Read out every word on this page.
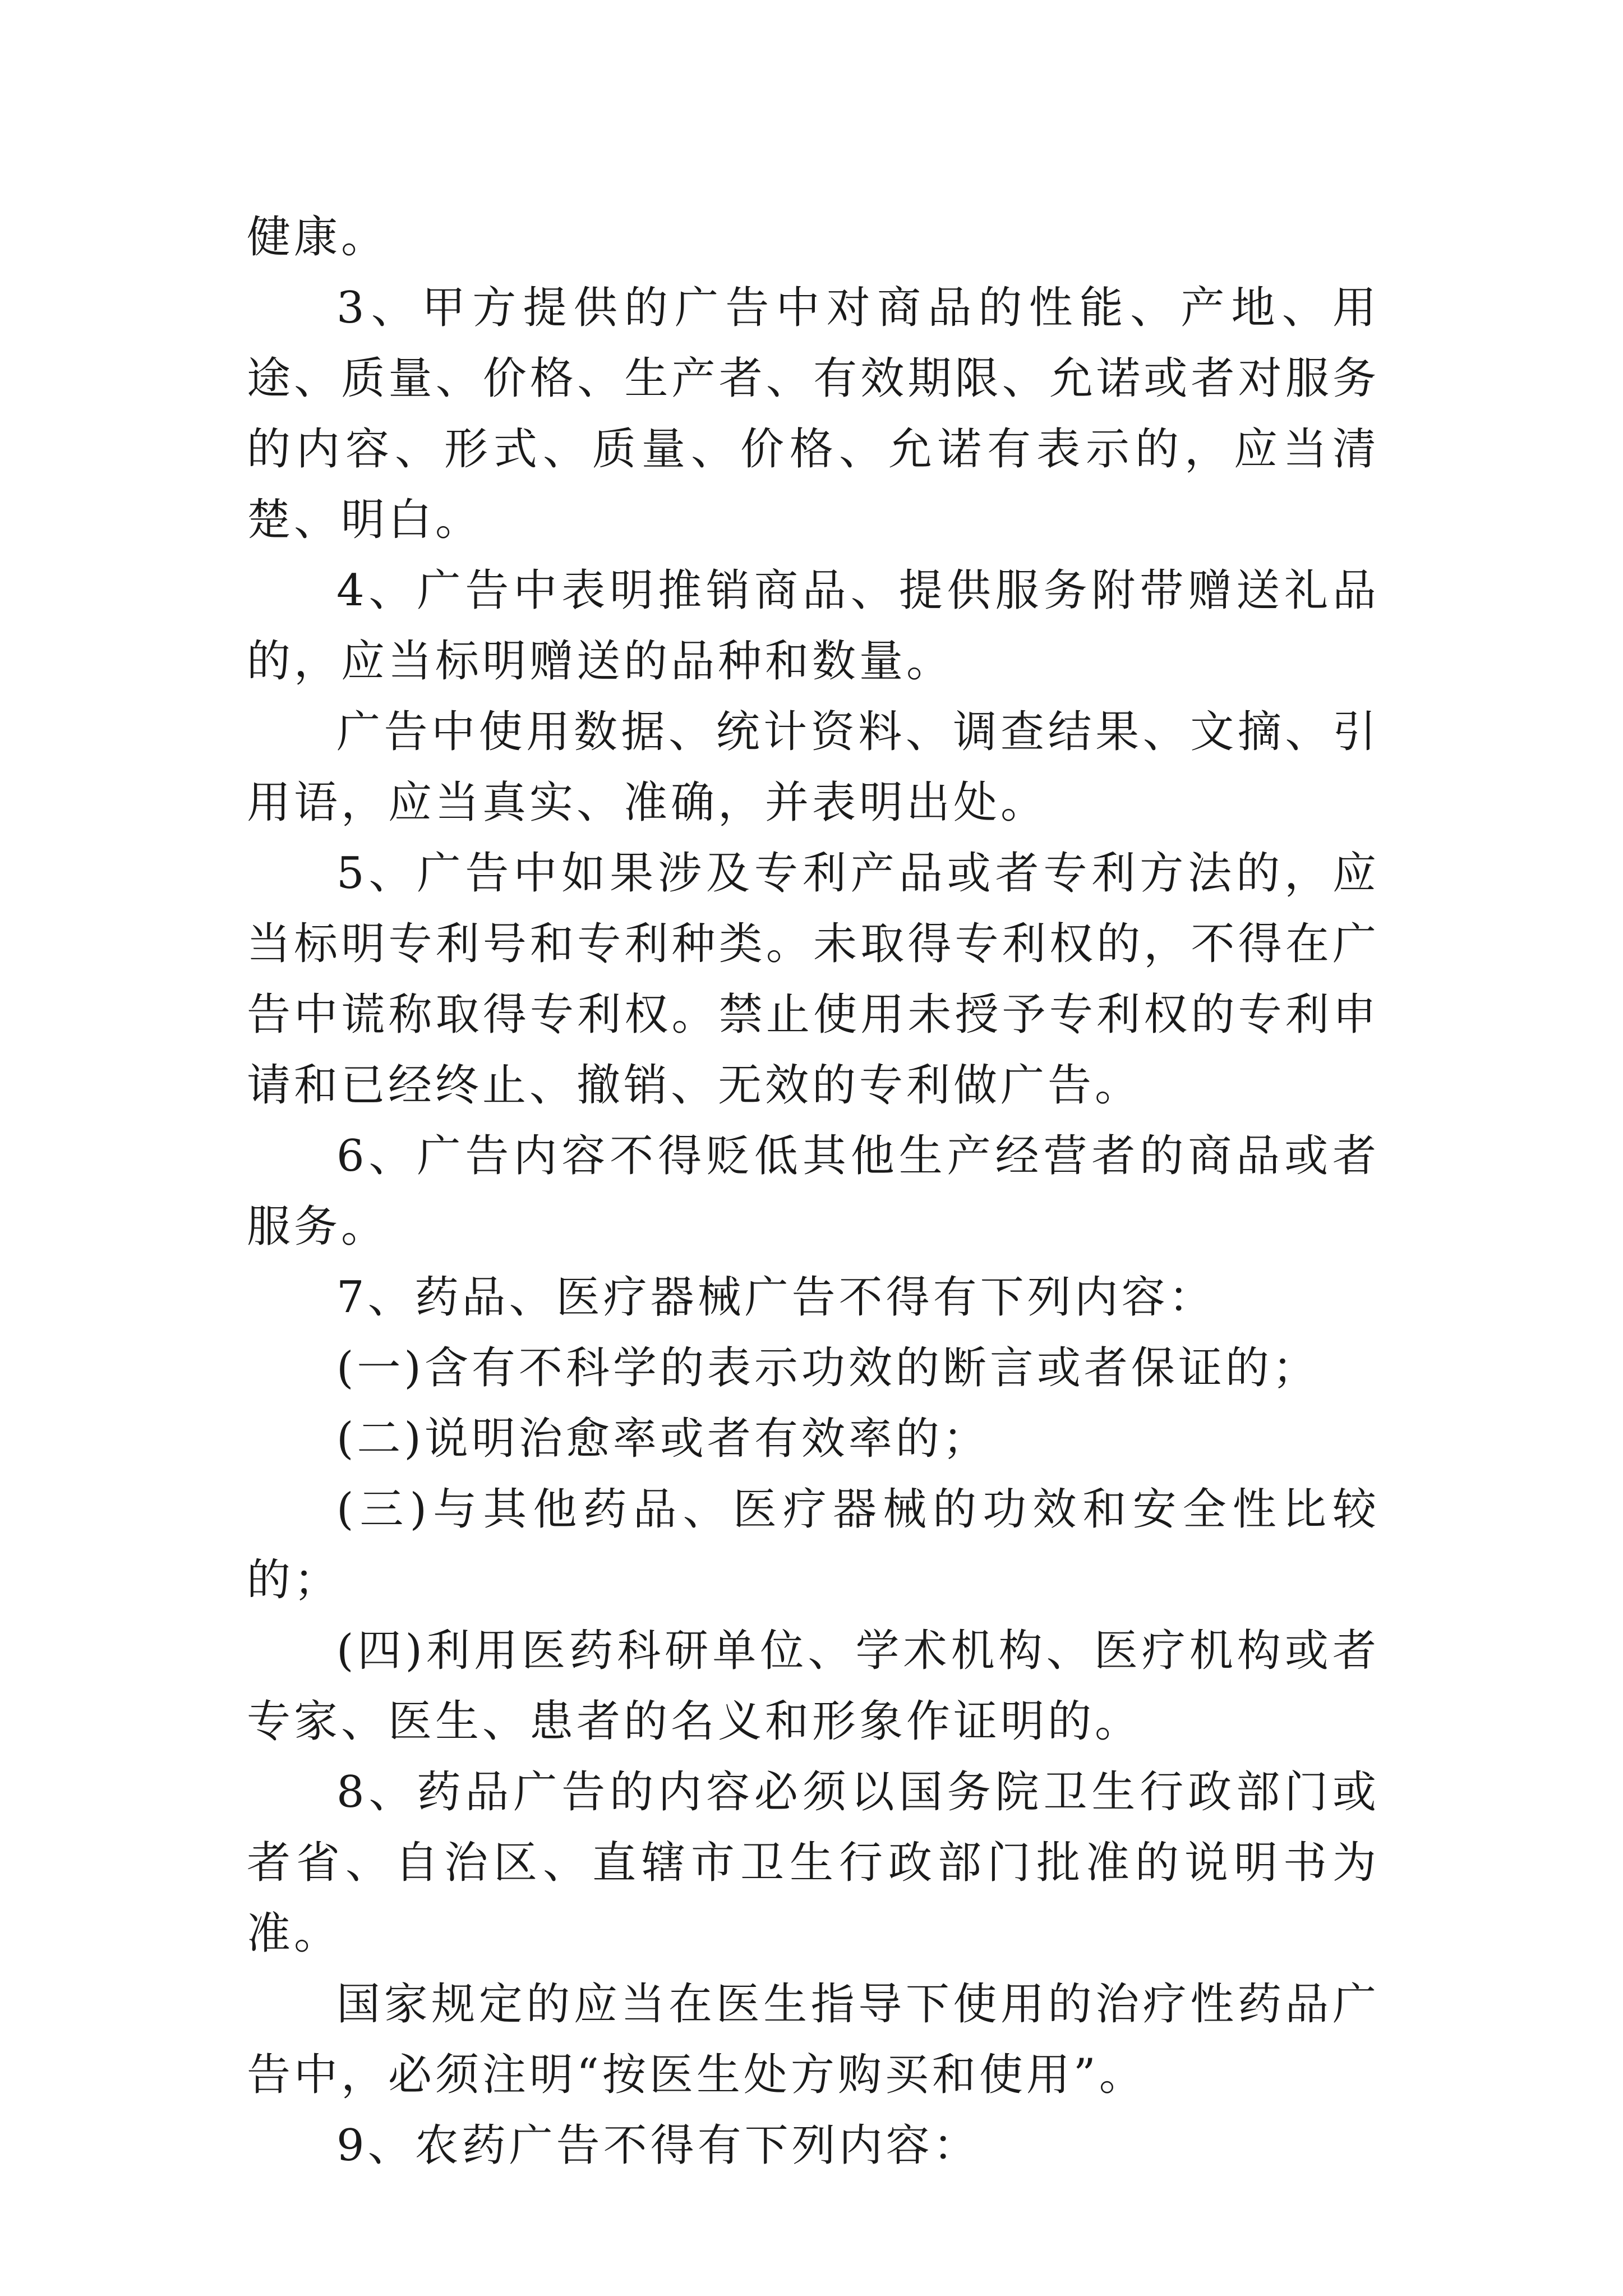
健康。

3、甲方提供的广告中对商品的性能、产地、用途、质量、价格、生产者、有效期限、允诺或者对服务的内容、形式、质量、价格、允诺有表示的，应当清楚、明白。

4、广告中表明推销商品、提供服务附带赠送礼品的，应当标明赠送的品种和数量。

广告中使用数据、统计资料、调查结果、文摘、引用语，应当真实、准确，并表明出处。

5、广告中如果涉及专利产品或者专利方法的，应当标明专利号和专利种类。未取得专利权的，不得在广告中谎称取得专利权。禁止使用未授予专利权的专利申请和已经终止、撤销、无效的专利做广告。

6、广告内容不得贬低其他生产经营者的商品或者服务。

7、药品、医疗器械广告不得有下列内容：

(一)含有不科学的表示功效的断言或者保证的；

(二)说明治愈率或者有效率的；

(三)与其他药品、医疗器械的功效和安全性比较的；

(四)利用医药科研单位、学术机构、医疗机构或者专家、医生、患者的名义和形象作证明的。

8、药品广告的内容必须以国务院卫生行政部门或者省、自治区、直辖市卫生行政部门批准的说明书为准。

国家规定的应当在医生指导下使用的治疗性药品广告中，必须注明“按医生处方购买和使用”。

9、农药广告不得有下列内容：
